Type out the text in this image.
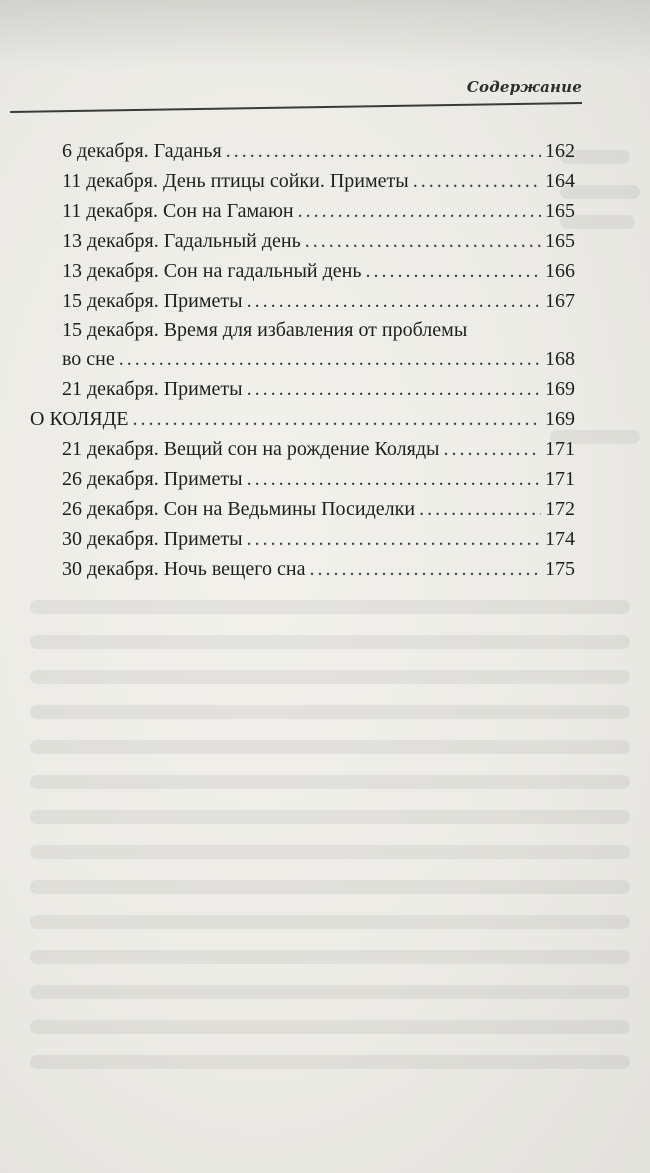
Содержание
6 декабря. Гаданья .....	162
11 декабря. День птицы сойки. Приметы .....	164
11 декабря. Сон на Гамаюн .....	165
13 декабря. Гадальный день .....	165
13 декабря. Сон на гадальный день .....	166
15 декабря. Приметы .....	167
15 декабря. Время для избавления от проблемы
во сне .....	168
21 декабря. Приметы .....	169
О КОЛЯДЕ .....	169
21 декабря. Вещий сон на рождение Коляды .....	171
26 декабря. Приметы .....	171
26 декабря. Сон на Ведьмины Посиделки .....	172
30 декабря. Приметы .....	174
30 декабря. Ночь вещего сна .....	175
